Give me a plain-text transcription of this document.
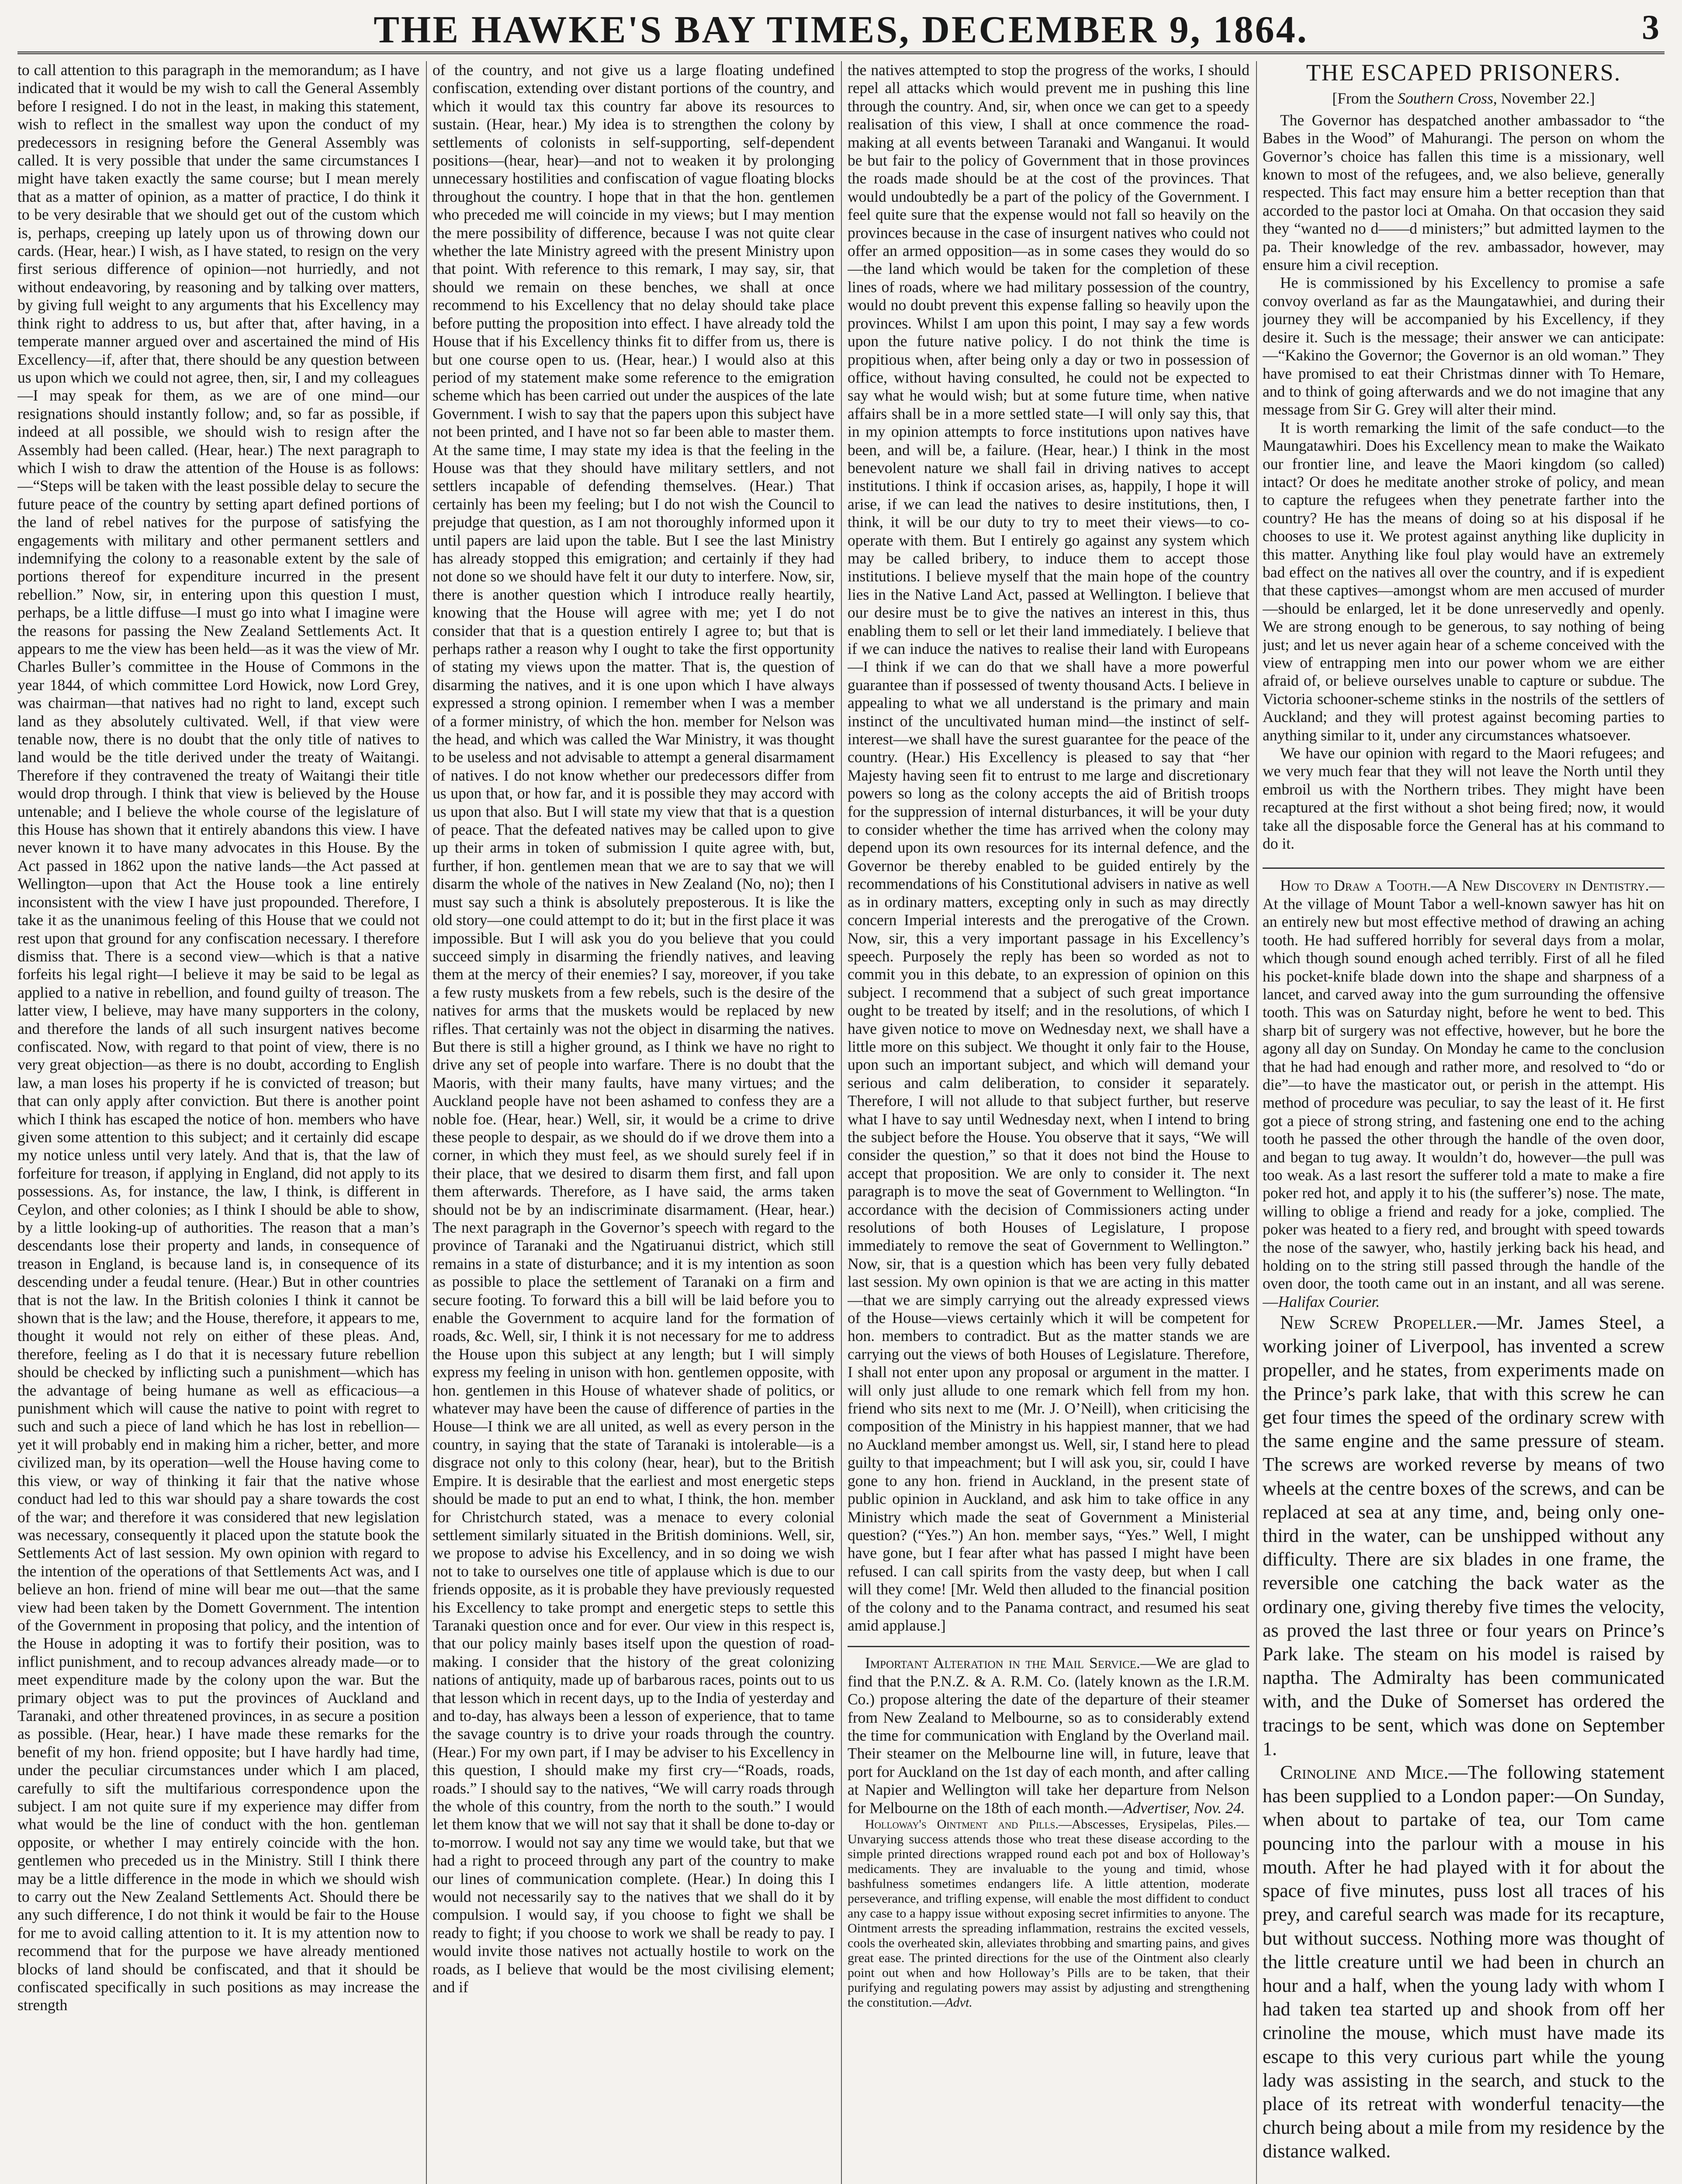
THE HAWKE'S BAY TIMES, DECEMBER 9, 1864.	3

to call attention to this paragraph in the memorandum; as I have indicated that it would be my wish to call the General Assembly before I resigned. I do not in the least, in making this statement, wish to reflect in the smallest way upon the conduct of my predecessors in resigning before the General Assembly was called. It is very possible that under the same circumstances I might have taken exactly the same course; but I mean merely that as a matter of opinion, as a matter of practice, I do think it to be very desirable that we should get out of the custom which is, perhaps, creeping up lately upon us of throwing down our cards. (Hear, hear.) I wish, as I have stated, to resign on the very first serious difference of opinion—not hurriedly, and not without endeavoring, by reasoning and by talking over matters, by giving full weight to any arguments that his Excellency may think right to address to us, but after that, after having, in a temperate manner argued over and ascertained the mind of His Excellency—if, after that, there should be any question between us upon which we could not agree, then, sir, I and my colleagues—I may speak for them, as we are of one mind—our resignations should instantly follow; and, so far as possible, if indeed at all possible, we should wish to resign after the Assembly had been called. (Hear, hear.) The next paragraph to which I wish to draw the attention of the House is as follows:—“Steps will be taken with the least possible delay to secure the future peace of the country by setting apart defined portions of the land of rebel natives for the purpose of satisfying the engagements with military and other permanent settlers and indemnifying the colony to a reasonable extent by the sale of portions thereof for expenditure incurred in the present rebellion.” Now, sir, in entering upon this question I must, perhaps, be a little diffuse—I must go into what I imagine were the reasons for passing the New Zealand Settlements Act. It appears to me the view has been held—as it was the view of Mr. Charles Buller’s committee in the House of Commons in the year 1844, of which committee Lord Howick, now Lord Grey, was chairman—that natives had no right to land, except such land as they absolutely cultivated. Well, if that view were tenable now, there is no doubt that the only title of natives to land would be the title derived under the treaty of Waitangi. Therefore if they contravened the treaty of Waitangi their title would drop through. I think that view is believed by the House untenable; and I believe the whole course of the legislature of this House has shown that it entirely abandons this view. I have never known it to have many advocates in this House. By the Act passed in 1862 upon the native lands—the Act passed at Wellington—upon that Act the House took a line entirely inconsistent with the view I have just propounded. Therefore, I take it as the unanimous feeling of this House that we could not rest upon that ground for any confiscation necessary. I therefore dismiss that. There is a second view—which is that a native forfeits his legal right—I believe it may be said to be legal as applied to a native in rebellion, and found guilty of treason. The latter view, I believe, may have many supporters in the colony, and therefore the lands of all such insurgent natives become confiscated. Now, with regard to that point of view, there is no very great objection—as there is no doubt, according to English law, a man loses his property if he is convicted of treason; but that can only apply after conviction. But there is another point which I think has escaped the notice of hon. members who have given some attention to this subject; and it certainly did escape my notice unless until very lately. And that is, that the law of forfeiture for treason, if applying in England, did not apply to its possessions. As, for instance, the law, I think, is different in Ceylon, and other colonies; as I think I should be able to show, by a little looking-up of authorities. The reason that a man’s descendants lose their property and lands, in consequence of treason in England, is because land is, in consequence of its descending under a feudal tenure. (Hear.) But in other countries that is not the law. In the British colonies I think it cannot be shown that is the law; and the House, therefore, it appears to me, thought it would not rely on either of these pleas. And, therefore, feeling as I do that it is necessary future rebellion should be checked by inflicting such a punishment—which has the advantage of being humane as well as efficacious—a punishment which will cause the native to point with regret to such and such a piece of land which he has lost in rebellion—yet it will probably end in making him a richer, better, and more civilized man, by its operation—well the House having come to this view, or way of thinking it fair that the native whose conduct had led to this war should pay a share towards the cost of the war; and therefore it was considered that new legislation was necessary, consequently it placed upon the statute book the Settlements Act of last session. My own opinion with regard to the intention of the operations of that Settlements Act was, and I believe an hon. friend of mine will bear me out—that the same view had been taken by the Domett Government. The intention of the Government in proposing that policy, and the intention of the House in adopting it was to fortify their position, was to inflict punishment, and to recoup advances already made—or to meet expenditure made by the colony upon the war. But the primary object was to put the provinces of Auckland and Taranaki, and other threatened provinces, in as secure a position as possible. (Hear, hear.) I have made these remarks for the benefit of my hon. friend opposite; but I have hardly had time, under the peculiar circumstances under which I am placed, carefully to sift the multifarious correspondence upon the subject. I am not quite sure if my experience may differ from what would be the line of conduct with the hon. gentleman opposite, or whether I may entirely coincide with the hon. gentlemen who preceded us in the Ministry. Still I think there may be a little difference in the mode in which we should wish to carry out the New Zealand Settlements Act. Should there be any such difference, I do not think it would be fair to the House for me to avoid calling attention to it. It is my attention now to recommend that for the purpose we have already mentioned blocks of land should be confiscated, and that it should be confiscated specifically in such positions as may increase the strength

of the country, and not give us a large floating undefined confiscation, extending over distant portions of the country, and which it would tax this country far above its resources to sustain. (Hear, hear.) My idea is to strengthen the colony by settlements of colonists in self-supporting, self-dependent positions—(hear, hear)—and not to weaken it by prolonging unnecessary hostilities and confiscation of vague floating blocks throughout the country. I hope that in that the hon. gentlemen who preceded me will coincide in my views; but I may mention the mere possibility of difference, because I was not quite clear whether the late Ministry agreed with the present Ministry upon that point. With reference to this remark, I may say, sir, that should we remain on these benches, we shall at once recommend to his Excellency that no delay should take place before putting the proposition into effect. I have already told the House that if his Excellency thinks fit to differ from us, there is but one course open to us. (Hear, hear.) I would also at this period of my statement make some reference to the emigration scheme which has been carried out under the auspices of the late Government. I wish to say that the papers upon this subject have not been printed, and I have not so far been able to master them. At the same time, I may state my idea is that the feeling in the House was that they should have military settlers, and not settlers incapable of defending themselves. (Hear.) That certainly has been my feeling; but I do not wish the Council to prejudge that question, as I am not thoroughly informed upon it until papers are laid upon the table. But I see the last Ministry has already stopped this emigration; and certainly if they had not done so we should have felt it our duty to interfere. Now, sir, there is another question which I introduce really heartily, knowing that the House will agree with me; yet I do not consider that that is a question entirely I agree to; but that is perhaps rather a reason why I ought to take the first opportunity of stating my views upon the matter. That is, the question of disarming the natives, and it is one upon which I have always expressed a strong opinion. I remember when I was a member of a former ministry, of which the hon. member for Nelson was the head, and which was called the War Ministry, it was thought to be useless and not advisable to attempt a general disarmament of natives. I do not know whether our predecessors differ from us upon that, or how far, and it is possible they may accord with us upon that also. But I will state my view that that is a question of peace. That the defeated natives may be called upon to give up their arms in token of submission I quite agree with, but, further, if hon. gentlemen mean that we are to say that we will disarm the whole of the natives in New Zealand (No, no); then I must say such a think is absolutely preposterous. It is like the old story—one could attempt to do it; but in the first place it was impossible. But I will ask you do you believe that you could succeed simply in disarming the friendly natives, and leaving them at the mercy of their enemies? I say, moreover, if you take a few rusty muskets from a few rebels, such is the desire of the natives for arms that the muskets would be replaced by new rifles. That certainly was not the object in disarming the natives. But there is still a higher ground, as I think we have no right to drive any set of people into warfare. There is no doubt that the Maoris, with their many faults, have many virtues; and the Auckland people have not been ashamed to confess they are a noble foe. (Hear, hear.) Well, sir, it would be a crime to drive these people to despair, as we should do if we drove them into a corner, in which they must feel, as we should surely feel if in their place, that we desired to disarm them first, and fall upon them afterwards. Therefore, as I have said, the arms taken should not be by an indiscriminate disarmament. (Hear, hear.) The next paragraph in the Governor’s speech with regard to the province of Taranaki and the Ngatiruanui district, which still remains in a state of disturbance; and it is my intention as soon as possible to place the settlement of Taranaki on a firm and secure footing. To forward this a bill will be laid before you to enable the Government to acquire land for the formation of roads, &c. Well, sir, I think it is not necessary for me to address the House upon this subject at any length; but I will simply express my feeling in unison with hon. gentlemen opposite, with hon. gentlemen in this House of whatever shade of politics, or whatever may have been the cause of difference of parties in the House—I think we are all united, as well as every person in the country, in saying that the state of Taranaki is intolerable—is a disgrace not only to this colony (hear, hear), but to the British Empire. It is desirable that the earliest and most energetic steps should be made to put an end to what, I think, the hon. member for Christchurch stated, was a menace to every colonial settlement similarly situated in the British dominions. Well, sir, we propose to advise his Excellency, and in so doing we wish not to take to ourselves one title of applause which is due to our friends opposite, as it is probable they have previously requested his Excellency to take prompt and energetic steps to settle this Taranaki question once and for ever. Our view in this respect is, that our policy mainly bases itself upon the question of road-making. I consider that the history of the great colonizing nations of antiquity, made up of barbarous races, points out to us that lesson which in recent days, up to the India of yesterday and and to-day, has always been a lesson of experience, that to tame the savage country is to drive your roads through the country. (Hear.) For my own part, if I may be adviser to his Excellency in this question, I should make my first cry—“Roads, roads, roads.” I should say to the natives, “We will carry roads through the whole of this country, from the north to the south.” I would let them know that we will not say that it shall be done to-day or to-morrow. I would not say any time we would take, but that we had a right to proceed through any part of the country to make our lines of communication complete. (Hear.) In doing this I would not necessarily say to the natives that we shall do it by compulsion. I would say, if you choose to fight we shall be ready to fight; if you choose to work we shall be ready to pay. I would invite those natives not actually hostile to work on the roads, as I believe that would be the most civilising element; and if

the natives attempted to stop the progress of the works, I should repel all attacks which would prevent me in pushing this line through the country. And, sir, when once we can get to a speedy realisation of this view, I shall at once commence the road-making at all events between Taranaki and Wanganui. It would be but fair to the policy of Government that in those provinces the roads made should be at the cost of the provinces. That would undoubtedly be a part of the policy of the Government. I feel quite sure that the expense would not fall so heavily on the provinces because in the case of insurgent natives who could not offer an armed opposition—as in some cases they would do so—the land which would be taken for the completion of these lines of roads, where we had military possession of the country, would no doubt prevent this expense falling so heavily upon the provinces. Whilst I am upon this point, I may say a few words upon the future native policy. I do not think the time is propitious when, after being only a day or two in possession of office, without having consulted, he could not be expected to say what he would wish; but at some future time, when native affairs shall be in a more settled state—I will only say this, that in my opinion attempts to force institutions upon natives have been, and will be, a failure. (Hear, hear.) I think in the most benevolent nature we shall fail in driving natives to accept institutions. I think if occasion arises, as, happily, I hope it will arise, if we can lead the natives to desire institutions, then, I think, it will be our duty to try to meet their views—to co-operate with them. But I entirely go against any system which may be called bribery, to induce them to accept those institutions. I believe myself that the main hope of the country lies in the Native Land Act, passed at Wellington. I believe that our desire must be to give the natives an interest in this, thus enabling them to sell or let their land immediately. I believe that if we can induce the natives to realise their land with Europeans—I think if we can do that we shall have a more powerful guarantee than if possessed of twenty thousand Acts. I believe in appealing to what we all understand is the primary and main instinct of the uncultivated human mind—the instinct of self-interest—we shall have the surest guarantee for the peace of the country. (Hear.) His Excellency is pleased to say that “her Majesty having seen fit to entrust to me large and discretionary powers so long as the colony accepts the aid of British troops for the suppression of internal disturbances, it will be your duty to consider whether the time has arrived when the colony may depend upon its own resources for its internal defence, and the Governor be thereby enabled to be guided entirely by the recommendations of his Constitutional advisers in native as well as in ordinary matters, excepting only in such as may directly concern Imperial interests and the prerogative of the Crown. Now, sir, this a very important passage in his Excellency’s speech. Purposely the reply has been so worded as not to commit you in this debate, to an expression of opinion on this subject. I recommend that a subject of such great importance ought to be treated by itself; and in the resolutions, of which I have given notice to move on Wednesday next, we shall have a little more on this subject. We thought it only fair to the House, upon such an important subject, and which will demand your serious and calm deliberation, to consider it separately. Therefore, I will not allude to that subject further, but reserve what I have to say until Wednesday next, when I intend to bring the subject before the House. You observe that it says, “We will consider the question,” so that it does not bind the House to accept that proposition. We are only to consider it. The next paragraph is to move the seat of Government to Wellington. “In accordance with the decision of Commissioners acting under resolutions of both Houses of Legislature, I propose immediately to remove the seat of Government to Wellington.” Now, sir, that is a question which has been very fully debated last session. My own opinion is that we are acting in this matter—that we are simply carrying out the already expressed views of the House—views certainly which it will be competent for hon. members to contradict. But as the matter stands we are carrying out the views of both Houses of Legislature. Therefore, I shall not enter upon any proposal or argument in the matter. I will only just allude to one remark which fell from my hon. friend who sits next to me (Mr. J. O’Neill), when criticising the composition of the Ministry in his happiest manner, that we had no Auckland member amongst us. Well, sir, I stand here to plead guilty to that impeachment; but I will ask you, sir, could I have gone to any hon. friend in Auckland, in the present state of public opinion in Auckland, and ask him to take office in any Ministry which made the seat of Government a Ministerial question? (“Yes.”) An hon. member says, “Yes.” Well, I might have gone, but I fear after what has passed I might have been refused. I can call spirits from the vasty deep, but when I call will they come! [Mr. Weld then alluded to the financial position of the colony and to the Panama contract, and resumed his seat amid applause.]

Important Alteration in the Mail Service.—We are glad to find that the P.N.Z. & A. R.M. Co. (lately known as the I.R.M. Co.) propose altering the date of the departure of their steamer from New Zealand to Melbourne, so as to considerably extend the time for communication with England by the Overland mail. Their steamer on the Melbourne line will, in future, leave that port for Auckland on the 1st day of each month, and after calling at Napier and Wellington will take her departure from Nelson for Melbourne on the 18th of each month.—Advertiser, Nov. 24.

Holloway's Ointment and Pills.—Abscesses, Erysipelas, Piles.—Unvarying success attends those who treat these disease according to the simple printed directions wrapped round each pot and box of Holloway’s medicaments. They are invaluable to the young and timid, whose bashfulness sometimes endangers life. A little attention, moderate perseverance, and trifling expense, will enable the most diffident to conduct any case to a happy issue without exposing secret infirmities to anyone. The Ointment arrests the spreading inflammation, restrains the excited vessels, cools the overheated skin, alleviates throbbing and smarting pains, and gives great ease. The printed directions for the use of the Ointment also clearly point out when and how Holloway’s Pills are to be taken, that their purifying and regulating powers may assist by adjusting and strengthening the constitution.—Advt.

THE ESCAPED PRISONERS.
[From the Southern Cross, November 22.]

The Governor has despatched another ambassador to “the Babes in the Wood” of Mahurangi. The person on whom the Governor’s choice has fallen this time is a missionary, well known to most of the refugees, and, we also believe, generally respected. This fact may ensure him a better reception than that accorded to the pastor loci at Omaha. On that occasion they said they “wanted no d——d ministers;” but admitted laymen to the pa. Their knowledge of the rev. ambassador, however, may ensure him a civil reception.

He is commissioned by his Excellency to promise a safe convoy overland as far as the Maungatawhiei, and during their journey they will be accompanied by his Excellency, if they desire it. Such is the message; their answer we can anticipate:—“Kakino the Governor; the Governor is an old woman.” They have promised to eat their Christmas dinner with To Hemare, and to think of going afterwards and we do not imagine that any message from Sir G. Grey will alter their mind.

It is worth remarking the limit of the safe conduct—to the Maungatawhiri. Does his Excellency mean to make the Waikato our frontier line, and leave the Maori kingdom (so called) intact? Or does he meditate another stroke of policy, and mean to capture the refugees when they penetrate farther into the country? He has the means of doing so at his disposal if he chooses to use it. We protest against anything like duplicity in this matter. Anything like foul play would have an extremely bad effect on the natives all over the country, and if is expedient that these captives—amongst whom are men accused of murder—should be enlarged, let it be done unreservedly and openly. We are strong enough to be generous, to say nothing of being just; and let us never again hear of a scheme conceived with the view of entrapping men into our power whom we are either afraid of, or believe ourselves unable to capture or subdue. The Victoria schooner-scheme stinks in the nostrils of the settlers of Auckland; and they will protest against becoming parties to anything similar to it, under any circumstances whatsoever.

We have our opinion with regard to the Maori refugees; and we very much fear that they will not leave the North until they embroil us with the Northern tribes. They might have been recaptured at the first without a shot being fired; now, it would take all the disposable force the General has at his command to do it.

How to Draw a Tooth.—A New Discovery in Dentistry.—At the village of Mount Tabor a well-known sawyer has hit on an entirely new but most effective method of drawing an aching tooth. He had suffered horribly for several days from a molar, which though sound enough ached terribly. First of all he filed his pocket-knife blade down into the shape and sharpness of a lancet, and carved away into the gum surrounding the offensive tooth. This was on Saturday night, before he went to bed. This sharp bit of surgery was not effective, however, but he bore the agony all day on Sunday. On Monday he came to the conclusion that he had had enough and rather more, and resolved to “do or die”—to have the masticator out, or perish in the attempt. His method of procedure was peculiar, to say the least of it. He first got a piece of strong string, and fastening one end to the aching tooth he passed the other through the handle of the oven door, and began to tug away. It wouldn’t do, however—the pull was too weak. As a last resort the sufferer told a mate to make a fire poker red hot, and apply it to his (the sufferer’s) nose. The mate, willing to oblige a friend and ready for a joke, complied. The poker was heated to a fiery red, and brought with speed towards the nose of the sawyer, who, hastily jerking back his head, and holding on to the string still passed through the handle of the oven door, the tooth came out in an instant, and all was serene.—Halifax Courier.

New Screw Propeller.—Mr. James Steel, a working joiner of Liverpool, has invented a screw propeller, and he states, from experiments made on the Prince’s park lake, that with this screw he can get four times the speed of the ordinary screw with the same engine and the same pressure of steam. The screws are worked reverse by means of two wheels at the centre boxes of the screws, and can be replaced at sea at any time, and, being only one-third in the water, can be unshipped without any difficulty. There are six blades in one frame, the reversible one catching the back water as the ordinary one, giving thereby five times the velocity, as proved the last three or four years on Prince’s Park lake. The steam on his model is raised by naptha. The Admiralty has been communicated with, and the Duke of Somerset has ordered the tracings to be sent, which was done on September 1.

Crinoline and Mice.—The following statement has been supplied to a London paper:—On Sunday, when about to partake of tea, our Tom came pouncing into the parlour with a mouse in his mouth. After he had played with it for about the space of five minutes, puss lost all traces of his prey, and careful search was made for its recapture, but without success. Nothing more was thought of the little creature until we had been in church an hour and a half, when the young lady with whom I had taken tea started up and shook from off her crinoline the mouse, which must have made its escape to this very curious part while the young lady was assisting in the search, and stuck to the place of its retreat with wonderful tenacity—the church being about a mile from my residence by the distance walked.
